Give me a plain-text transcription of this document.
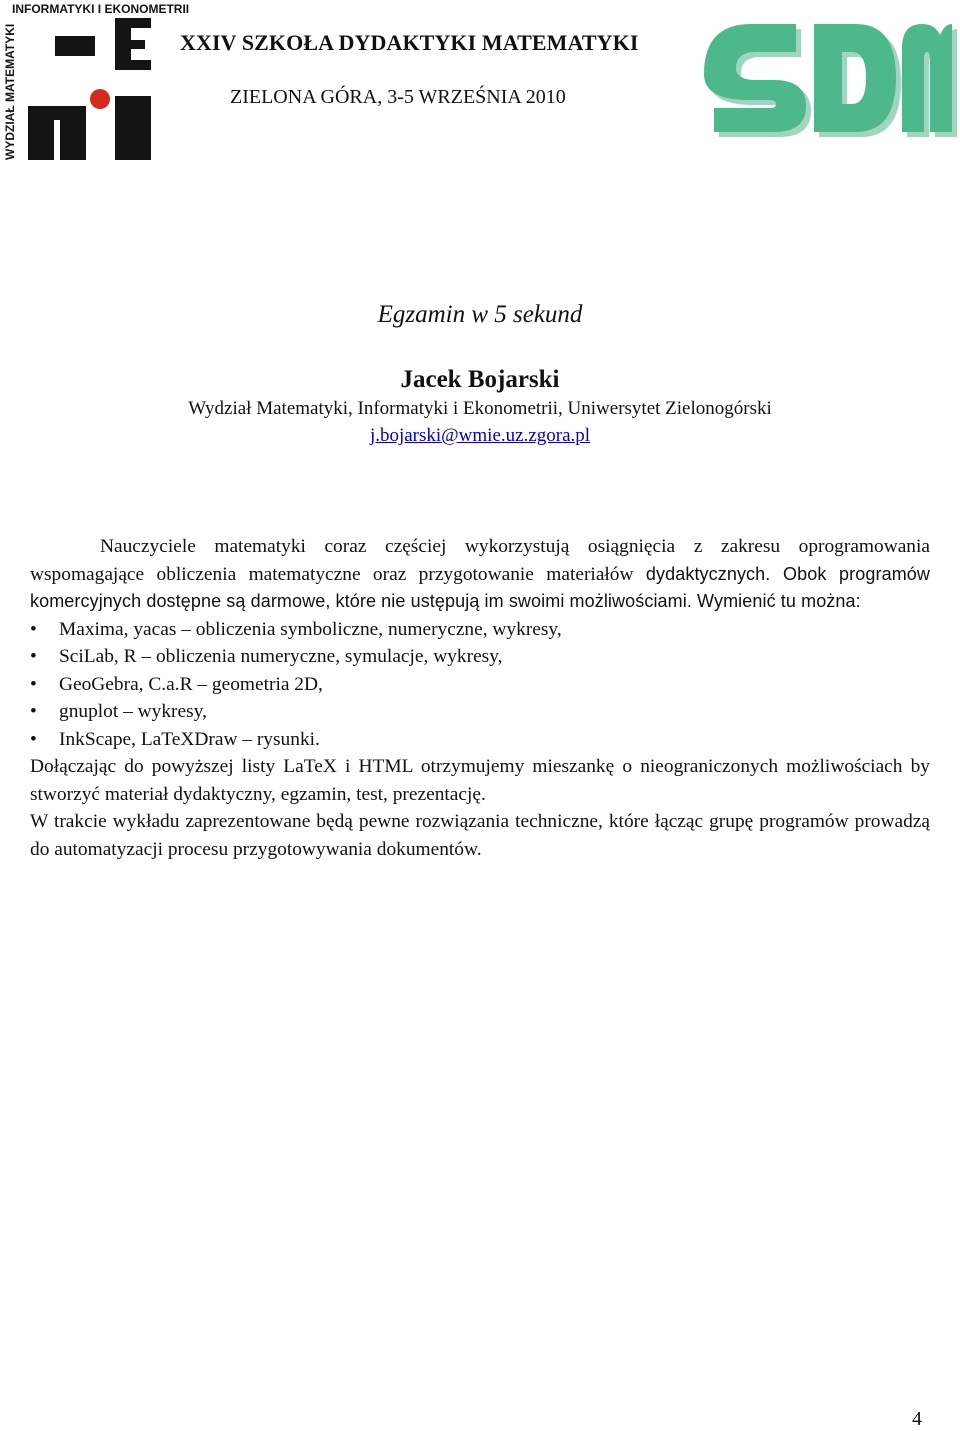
INFORMATYKI I EKONOMETRII
WYDZIAŁ MATEMATYKI	XXIV SZKOŁA DYDAKTYKI MATEMATYKI
ZIELONA GÓRA, 3-5 WRZEŚNIA 2010
Egzamin w 5 sekund
Jacek Bojarski
Wydział Matematyki, Informatyki i Ekonometrii, Uniwersytet Zielonogórski
j.bojarski@wmie.uz.zgora.pl

Nauczyciele matematyki coraz częściej wykorzystują osiągnięcia z zakresu oprogramowania wspomagające obliczenia matematyczne oraz przygotowanie materiałów dydaktycznych. Obok programów komercyjnych dostępne są darmowe, które nie ustępują im swoimi możliwościami. Wymienić tu można:

• Maxima, yacas – obliczenia symboliczne, numeryczne, wykresy,
• SciLab, R – obliczenia numeryczne, symulacje, wykresy,
• GeoGebra, C.a.R – geometria 2D,
• gnuplot – wykresy,
• InkScape, LaTeXDraw – rysunki.

Dołączając do powyższej listy LaTeX i HTML otrzymujemy mieszankę o nieograniczonych możliwościach by stworzyć materiał dydaktyczny, egzamin, test, prezentację.

W trakcie wykładu zaprezentowane będą pewne rozwiązania techniczne, które łącząc grupę programów prowadzą do automatyzacji procesu przygotowywania dokumentów.

4
